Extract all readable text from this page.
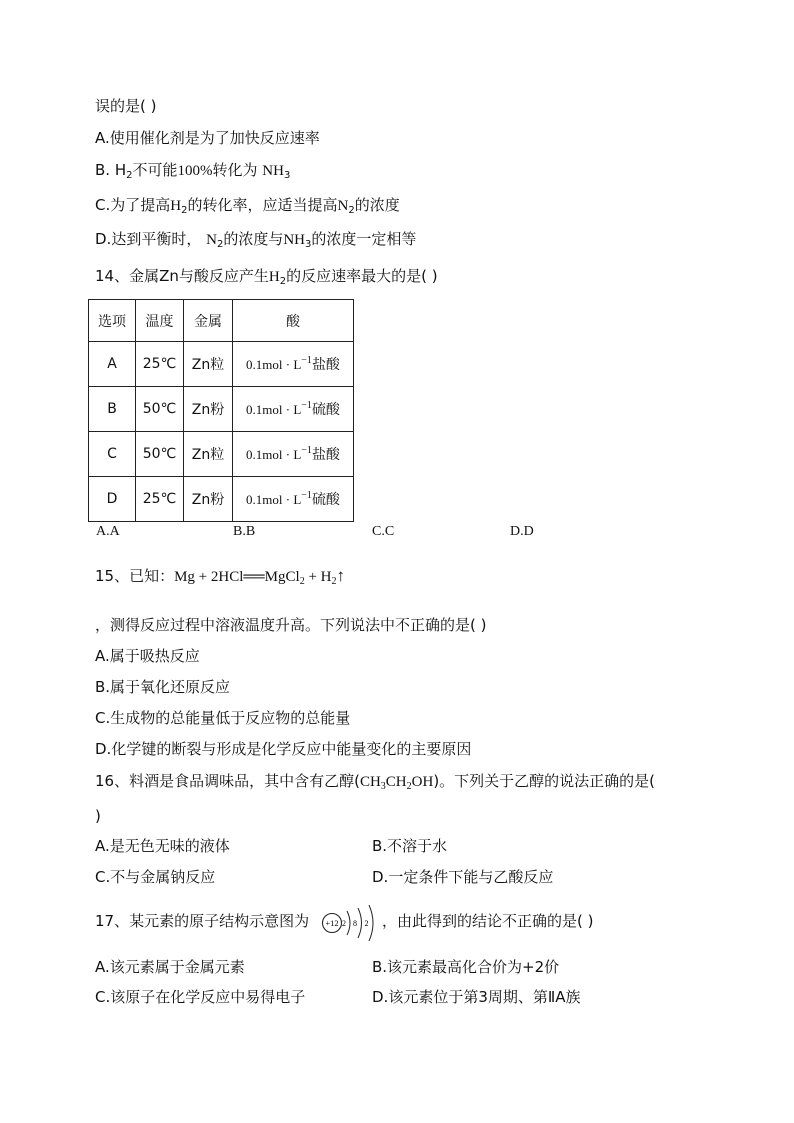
误的是( )
A.使用催化剂是为了加快反应速率
B. $H_2$不可能100%转化为 $NH_3$
C.为了提高$H_2$的转化率，应适当提高$N_2$的浓度
D.达到平衡时， $N_2$的浓度与$NH_3$的浓度一定相等
14、金属Zn与酸反应产生$H_2$的反应速率最大的是( )
选项	温度	金属	酸
A	25℃	Zn粒	$0.1mol \cdot L^{-1}$盐酸
B	50℃	Zn粉	$0.1mol \cdot L^{-1}$硫酸
C	50℃	Zn粒	$0.1mol \cdot L^{-1}$盐酸
D	25℃	Zn粉	$0.1mol \cdot L^{-1}$硫酸
A.A	B.B	C.C	D.D
15、已知：Mg + 2HCl══MgCl$_2$ + $H_2↑$
，测得反应过程中溶液温度升高。下列说法中不正确的是( )
A.属于吸热反应
B.属于氧化还原反应
C.生成物的总能量低于反应物的总能量
D.化学键的断裂与形成是化学反应中能量变化的主要原因
16、料酒是食品调味品，其中含有乙醇$(CH_3CH_2OH)$。下列关于乙醇的说法正确的是(
)
A.是无色无味的液体	B.不溶于水
C.不与金属钠反应	D.一定条件下能与乙酸反应
17、某元素的原子结构示意图为 +12 2 8 2 ，由此得到的结论不正确的是( )
A.该元素属于金属元素	B.该元素最高化合价为+2价
C.该原子在化学反应中易得电子	D.该元素位于第3周期、第ⅡA族
